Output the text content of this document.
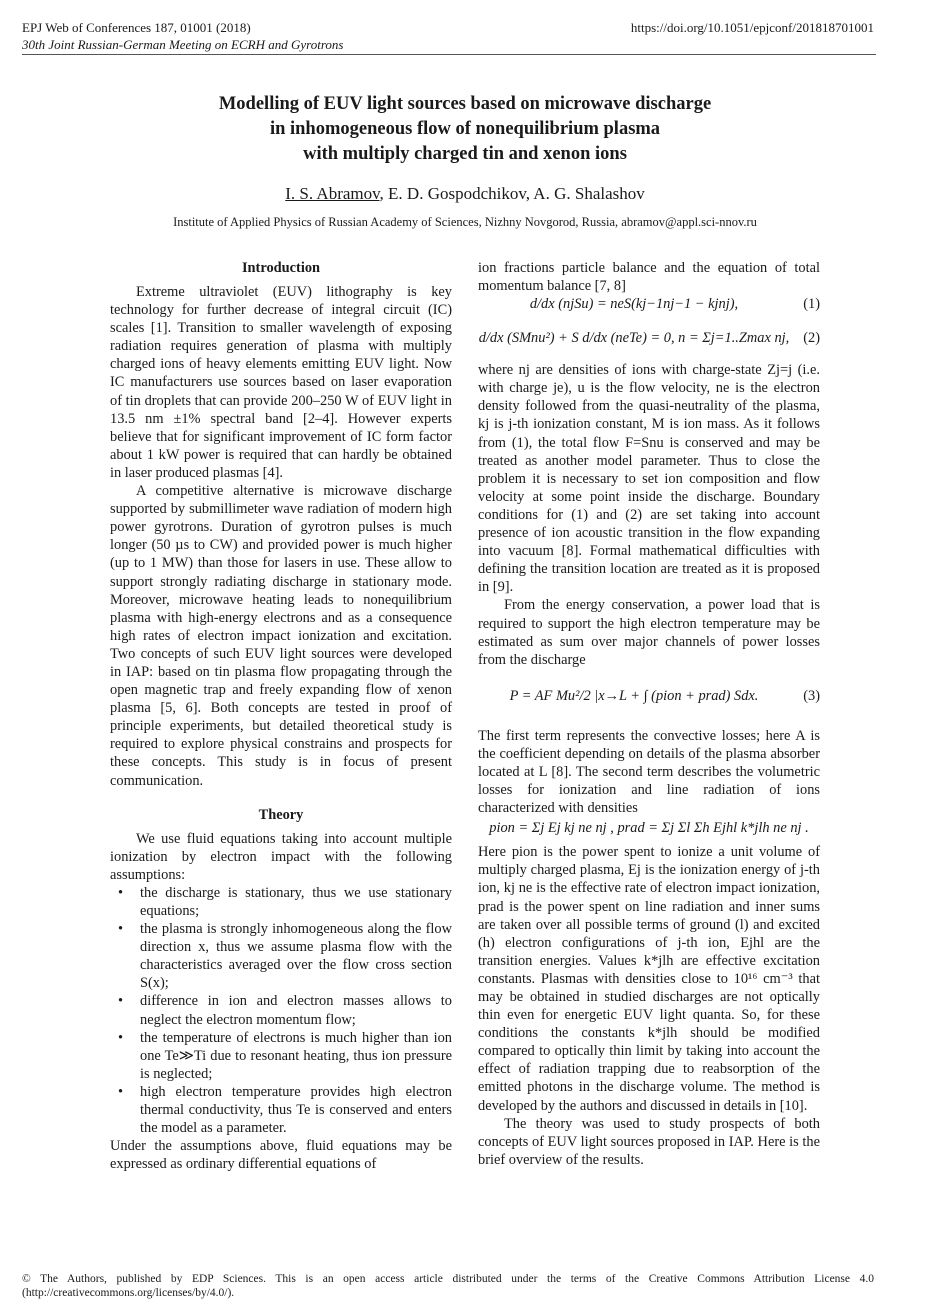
EPJ Web of Conferences 187, 01001 (2018)
30th Joint Russian-German Meeting on ECRH and Gyrotrons
https://doi.org/10.1051/epjconf/201818701001
Modelling of EUV light sources based on microwave discharge
in inhomogeneous flow of nonequilibrium plasma
with multiply charged tin and xenon ions
I. S. Abramov, E. D. Gospodchikov, A. G. Shalashov
Institute of Applied Physics of Russian Academy of Sciences, Nizhny Novgorod, Russia, abramov@appl.sci-nnov.ru
Introduction

Extreme ultraviolet (EUV) lithography is key technology for further decrease of integral circuit (IC) scales [1]. Transition to smaller wavelength of exposing radiation requires generation of plasma with multiply charged ions of heavy elements emitting EUV light. Now IC manufacturers use sources based on laser evaporation of tin droplets that can provide 200–250 W of EUV light in 13.5 nm ±1% spectral band [2–4]. However experts believe that for significant improvement of IC form factor about 1 kW power is required that can hardly be obtained in laser produced plasmas [4].

A competitive alternative is microwave discharge supported by submillimeter wave radiation of modern high power gyrotrons. Duration of gyrotron pulses is much longer (50 µs to CW) and provided power is much higher (up to 1 MW) than those for lasers in use. These allow to support strongly radiating discharge in stationary mode. Moreover, microwave heating leads to nonequilibrium plasma with high-energy electrons and as a consequence high rates of electron impact ionization and excitation. Two concepts of such EUV light sources were developed in IAP: based on tin plasma flow propagating through the open magnetic trap and freely expanding flow of xenon plasma [5, 6]. Both concepts are tested in proof of principle experiments, but detailed theoretical study is required to explore physical constrains and prospects for these concepts. This study is in focus of present communication.

Theory

We use fluid equations taking into account multiple ionization by electron impact with the following assumptions:

• the discharge is stationary, thus we use stationary equations;
• the plasma is strongly inhomogeneous along the flow direction x, thus we assume plasma flow with the characteristics averaged over the flow cross section S(x);
• difference in ion and electron masses allows to neglect the electron momentum flow;
• the temperature of electrons is much higher than ion one Te≫Ti due to resonant heating, thus ion pressure is neglected;
• high electron temperature provides high electron thermal conductivity, thus Te is conserved and enters the model as a parameter.

Under the assumptions above, fluid equations may be expressed as ordinary differential equations of

ion fractions particle balance and the equation of total momentum balance [7, 8]

d/dx (njSu) = neS(kj−1nj−1 − kjnj),	(1)
d/dx (SMnu²) + S d/dx (neTe) = 0, n = Σj=1..Zmax nj, (2)

where nj are densities of ions with charge-state Zj=j (i.e. with charge je), u is the flow velocity, ne is the electron density followed from the quasi-neutrality of the plasma, kj is j-th ionization constant, M is ion mass. As it follows from (1), the total flow F=Snu is conserved and may be treated as another model parameter. Thus to close the problem it is necessary to set ion composition and flow velocity at some point inside the discharge. Boundary conditions for (1) and (2) are set taking into account presence of ion acoustic transition in the flow expanding into vacuum [8]. Formal mathematical difficulties with defining the transition location are treated as it is proposed in [9].

From the energy conservation, a power load that is required to support the high electron temperature may be estimated as sum over major channels of power losses from the discharge

P = AF Mu²/2 |x→L + ∫ (pion + prad) Sdx.	(3)

The first term represents the convective losses; here A is the coefficient depending on details of the plasma absorber located at L [8]. The second term describes the volumetric losses for ionization and line radiation of ions characterized with densities

pion = Σj Ej kj ne nj , prad = Σj Σl Σh Ejhl k*jlh ne nj .

Here pion is the power spent to ionize a unit volume of multiply charged plasma, Ej is the ionization energy of j-th ion, kj ne is the effective rate of electron impact ionization, prad is the power spent on line radiation and inner sums are taken over all possible terms of ground (l) and excited (h) electron configurations of j-th ion, Ejhl are the transition energies. Values k*jlh are effective excitation constants. Plasmas with densities close to 10¹⁶ cm⁻³ that may be obtained in studied discharges are not optically thin even for energetic EUV light quanta. So, for these conditions the constants k*jlh should be modified compared to optically thin limit by taking into account the effect of radiation trapping due to reabsorption of the emitted photons in the discharge volume. The method is developed by the authors and discussed in details in [10].

The theory was used to study prospects of both concepts of EUV light sources proposed in IAP. Here is the brief overview of the results.

© The Authors, published by EDP Sciences. This is an open access article distributed under the terms of the Creative Commons Attribution License 4.0 (http://creativecommons.org/licenses/by/4.0/).
